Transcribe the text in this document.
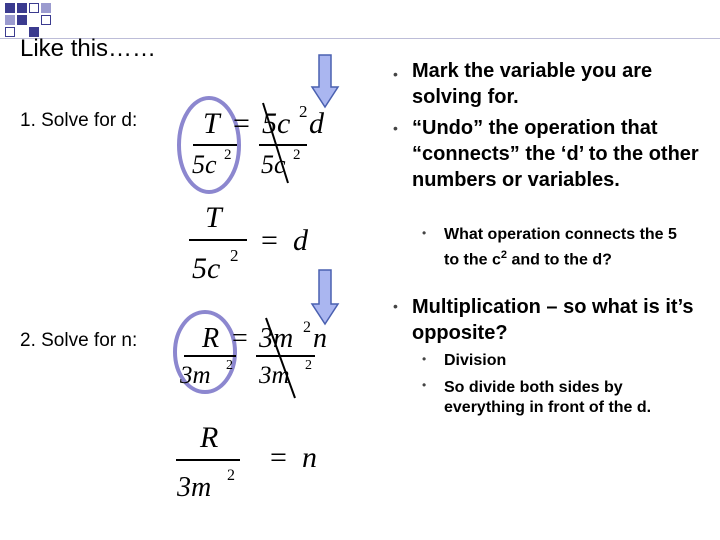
Like this……
1. Solve for d: T = 5c 2 d
5c 2 5c 2
T
5c 2 = d
2. Solve for n: R = 3m 2 n
3m 2 3m 2
R
3m 2
= n
• Mark the variable you are solving for.
• “Undo” the operation that “connects” the ‘d’ to the other numbers or variables.
• What operation connects the 5 to the $c^2$ and to the d?
• Multiplication – so what is it’s opposite?
• Division
• So divide both sides by everything in front of the d.
